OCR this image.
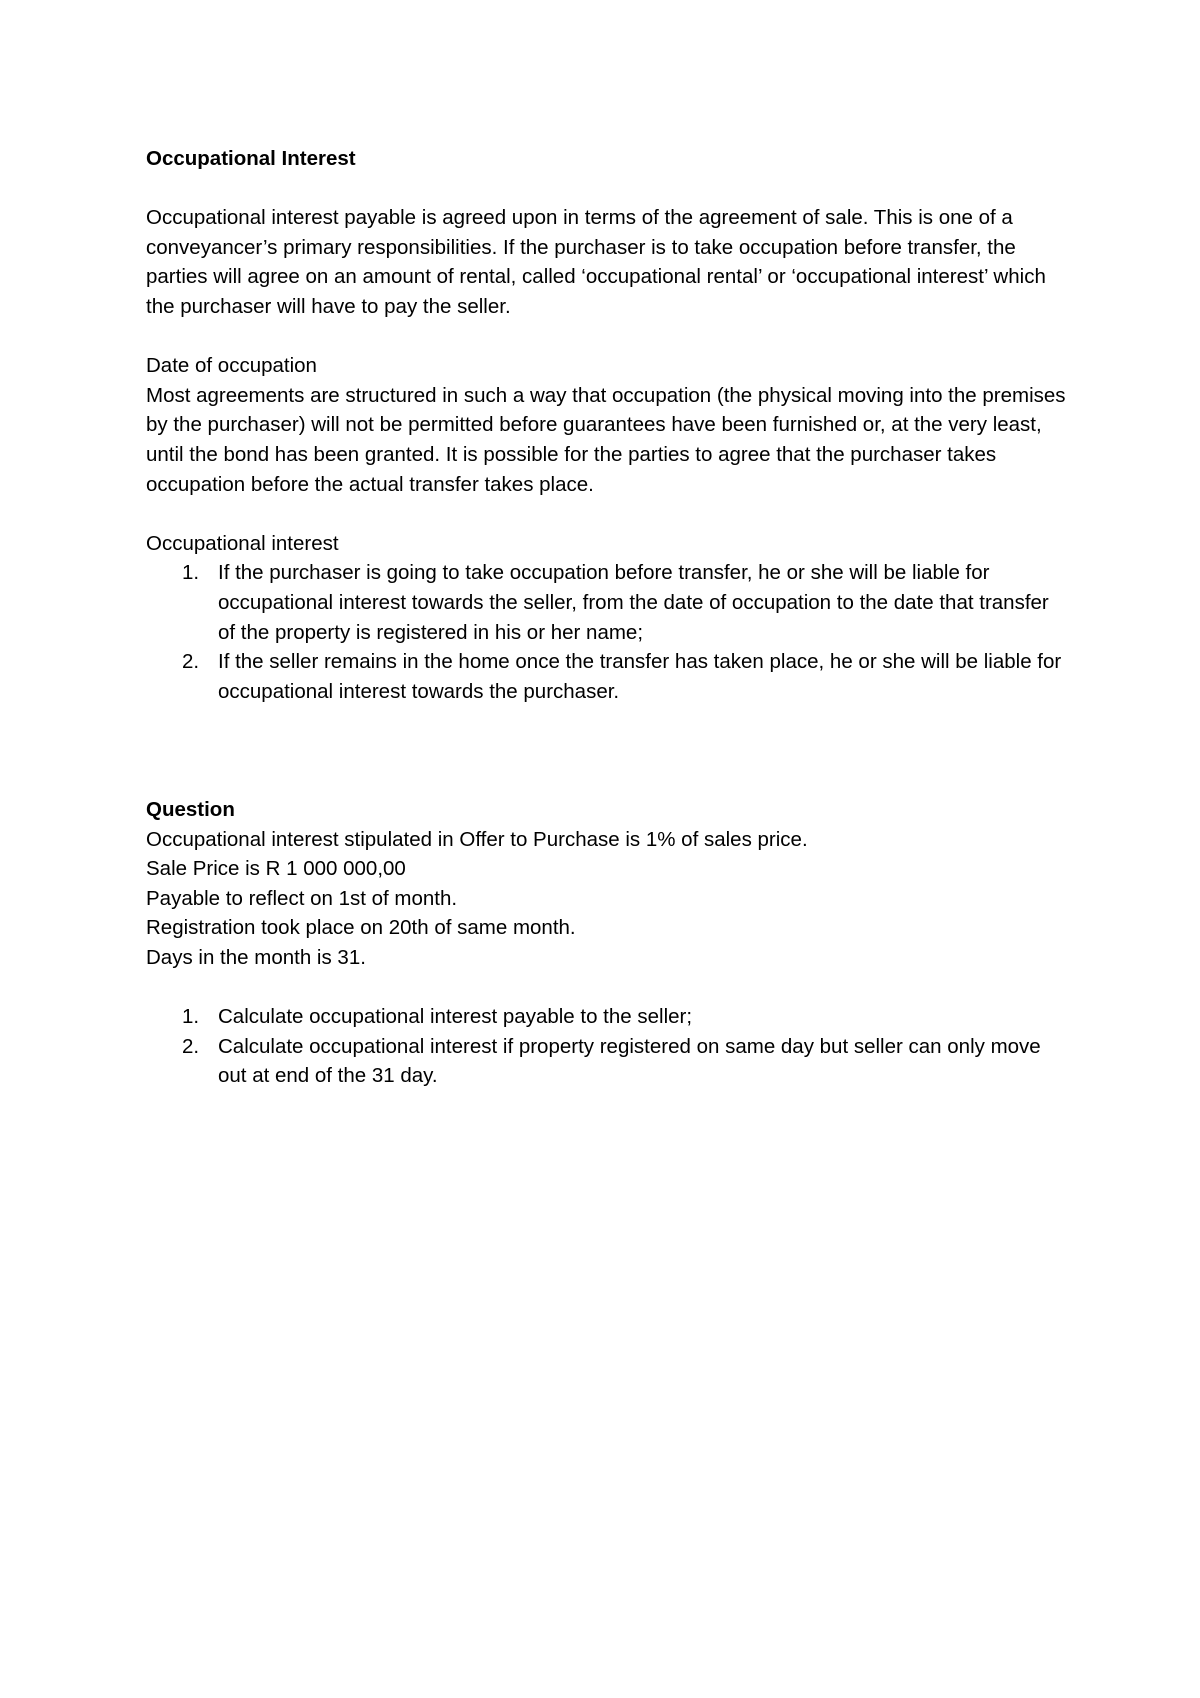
Occupational Interest

Occupational interest payable is agreed upon in terms of the agreement of sale. This is one of a conveyancer’s primary responsibilities. If the purchaser is to take occupation before transfer, the parties will agree on an amount of rental, called ‘occupational rental’ or ‘occupational interest’ which the purchaser will have to pay the seller.

Date of occupation

Most agreements are structured in such a way that occupation (the physical moving into the premises by the purchaser) will not be permitted before guarantees have been furnished or, at the very least, until the bond has been granted. It is possible for the parties to agree that the purchaser takes occupation before the actual transfer takes place.

Occupational interest

1. If the purchaser is going to take occupation before transfer, he or she will be liable for occupational interest towards the seller, from the date of occupation to the date that transfer of the property is registered in his or her name;
2. If the seller remains in the home once the transfer has taken place, he or she will be liable for occupational interest towards the purchaser.

Question

Occupational interest stipulated in Offer to Purchase is 1% of sales price.

Sale Price is R 1 000 000,00

Payable to reflect on 1st of month.

Registration took place on 20th of same month.

Days in the month is 31.

1. Calculate occupational interest payable to the seller;
2. Calculate occupational interest if property registered on same day but seller can only move out at end of the 31 day.
